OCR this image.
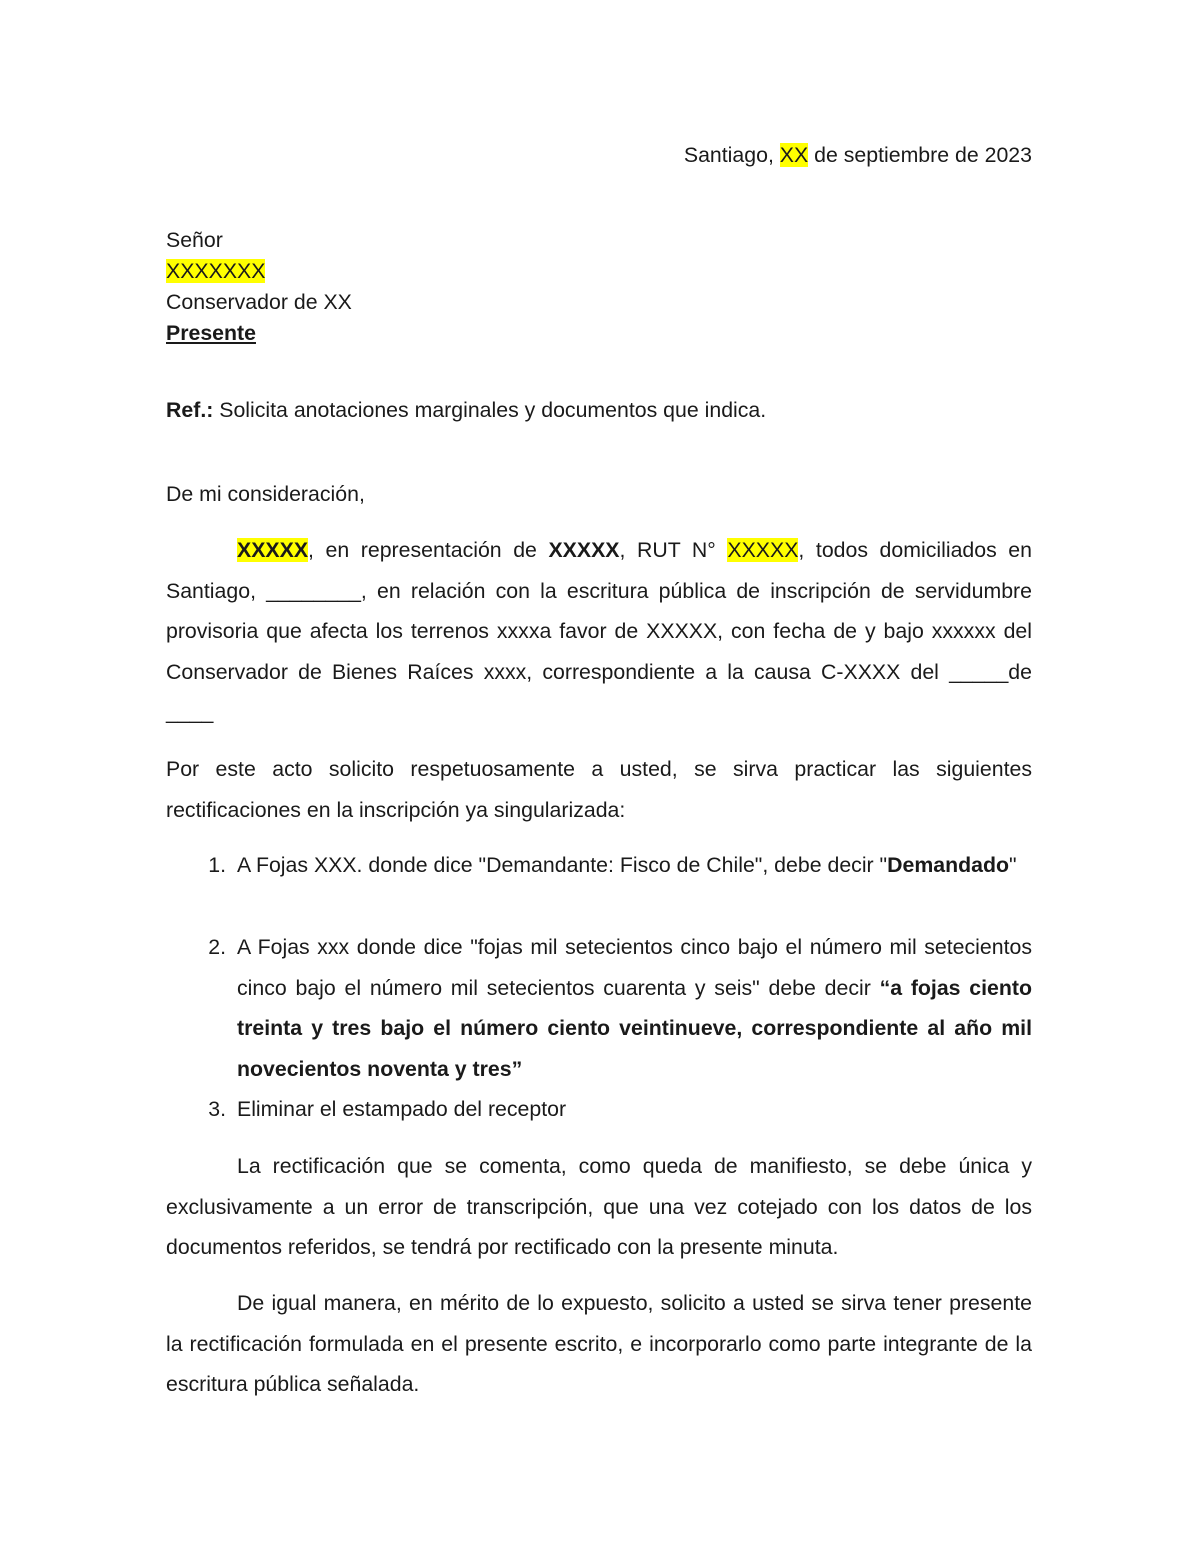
Santiago, XX de septiembre de 2023
Señor
XXXXXXX
Conservador de XX
Presente
Ref.: Solicita anotaciones marginales y documentos que indica.
De mi consideración,
XXXXX, en representación de XXXXX, RUT N° XXXXX, todos domiciliados en Santiago, ________, en relación con la escritura pública de inscripción de servidumbre provisoria que afecta los terrenos xxxxa favor de XXXXX, con fecha de y bajo xxxxxx del Conservador de Bienes Raíces xxxx, correspondiente a la causa C-XXXX del _____de ____
Por este acto solicito respetuosamente a usted, se sirva practicar las siguientes rectificaciones en la inscripción ya singularizada:
1. A Fojas XXX. donde dice "Demandante: Fisco de Chile", debe decir "Demandado"
2. A Fojas xxx donde dice "fojas mil setecientos cinco bajo el número mil setecientos cinco bajo el número mil setecientos cuarenta y seis" debe decir “a fojas ciento treinta y tres bajo el número ciento veintinueve, correspondiente al año mil novecientos noventa y tres”
3. Eliminar el estampado del receptor
La rectificación que se comenta, como queda de manifiesto, se debe única y exclusivamente a un error de transcripción, que una vez cotejado con los datos de los documentos referidos, se tendrá por rectificado con la presente minuta.
De igual manera, en mérito de lo expuesto, solicito a usted se sirva tener presente la rectificación formulada en el presente escrito, e incorporarlo como parte integrante de la escritura pública señalada.
